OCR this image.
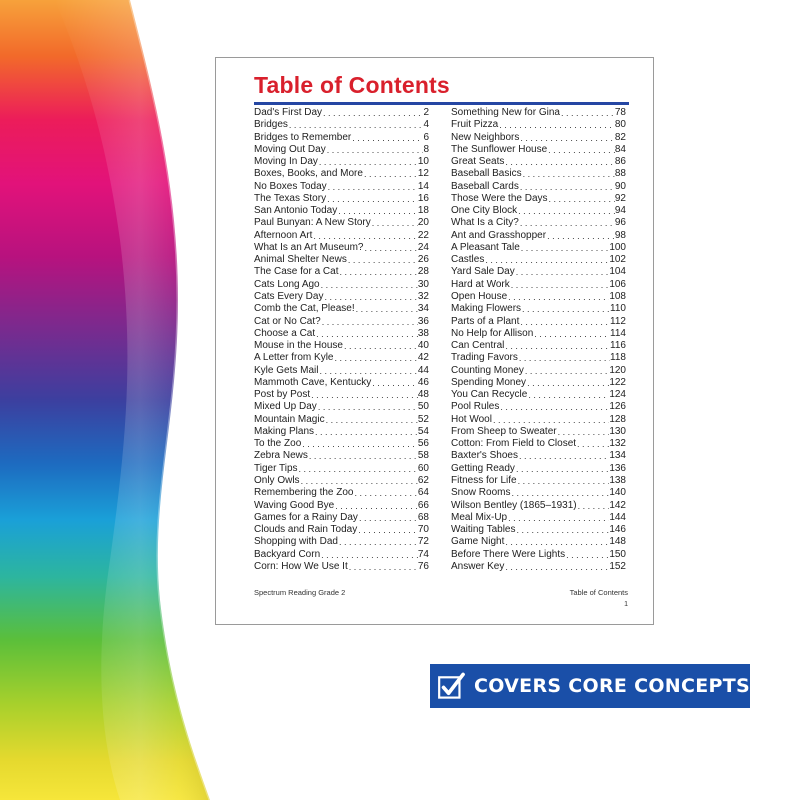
Table of Contents
Dad's First Day . . .	2
Bridges . . .	4
Bridges to Remember . . .	6
Moving Out Day . . .	8
Moving In Day . . .	10
Boxes, Books, and More . . .	12
No Boxes Today . . .	14
The Texas Story . . .	16
San Antonio Today . . .	18
Paul Bunyan: A New Story . . .	20
Afternoon Art . . .	22
What Is an Art Museum? . . .	24
Animal Shelter News . . .	26
The Case for a Cat . . .	28
Cats Long Ago . . .	30
Cats Every Day . . .	32
Comb the Cat, Please! . . .	34
Cat or No Cat? . . .	36
Choose a Cat . . .	38
Mouse in the House . . .	40
A Letter from Kyle . . .	42
Kyle Gets Mail . . .	44
Mammoth Cave, Kentucky . . .	46
Post by Post . . .	48
Mixed Up Day . . .	50
Mountain Magic . . .	52
Making Plans . . .	54
To the Zoo . . .	56
Zebra News . . .	58
Tiger Tips . . .	60
Only Owls . . .	62
Remembering the Zoo . . .	64
Waving Good Bye . . .	66
Games for a Rainy Day . . .	68
Clouds and Rain Today . . .	70
Shopping with Dad . . .	72
Backyard Corn . . .	74
Corn: How We Use It . . .	76
Something New for Gina . . .	78
Fruit Pizza . . .	80
New Neighbors . . .	82
The Sunflower House . . .	84
Great Seats . . .	86
Baseball Basics . . .	88
Baseball Cards . . .	90
Those Were the Days . . .	92
One City Block . . .	94
What Is a City? . . .	96
Ant and Grasshopper . . .	98
A Pleasant Tale . . .	100
Castles . . .	102
Yard Sale Day . . .	104
Hard at Work . . .	106
Open House . . .	108
Making Flowers . . .	110
Parts of a Plant . . .	112
No Help for Allison . . .	114
Can Central . . .	116
Trading Favors . . .	118
Counting Money . . .	120
Spending Money . . .	122
You Can Recycle . . .	124
Pool Rules . . .	126
Hot Wool . . .	128
From Sheep to Sweater . . .	130
Cotton: From Field to Closet . . .	132
Baxter's Shoes . . .	134
Getting Ready . . .	136
Fitness for Life . . .	138
Snow Rooms . . .	140
Wilson Bentley (1865–1931) . . .	142
Meal Mix-Up . . .	144
Waiting Tables . . .	146
Game Night . . .	148
Before There Were Lights . . .	150
Answer Key . . .	152
Spectrum Reading Grade 2	Table of Contents
1
COVERS CORE CONCEPTS
